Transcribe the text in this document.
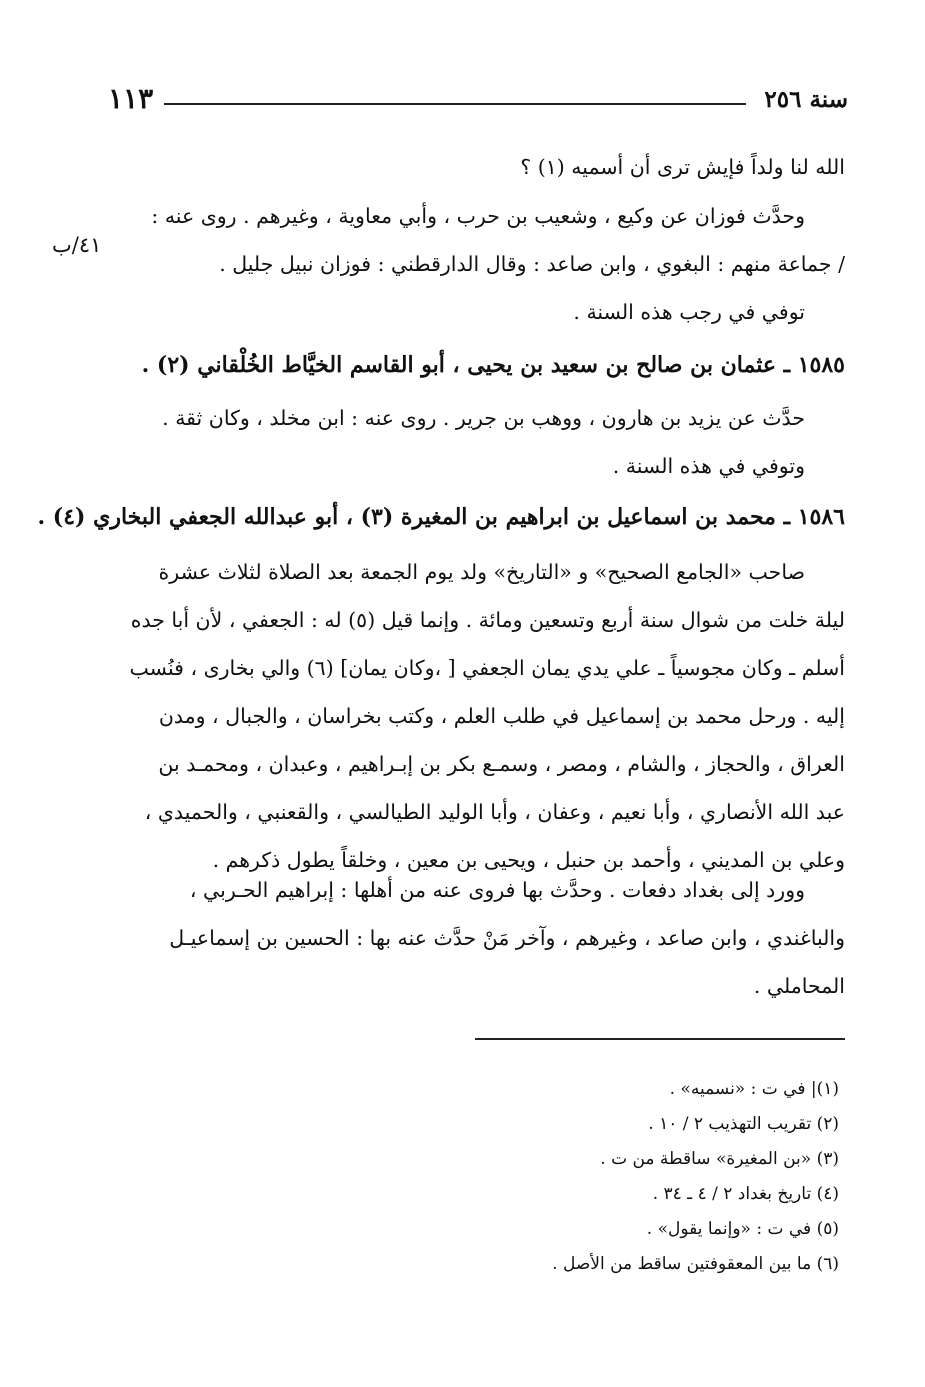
سنة ٢٥٦
١١٣
٤١/ب

الله لنا ولداً فإيش ترى أن أسميه (١) ؟

وحدَّث فوزان عن وكيع ، وشعيب بن حرب ، وأبي معاوية ، وغيرهم . روى عنه :

/ جماعة منهم : البغوي ، وابن صاعد : وقال الدارقطني : فوزان نبيل جليل .

توفي في رجب هذه السنة .

١٥٨٥ ـ عثمان بن صالح بن سعيد بن يحيى ، أبو القاسم الخيَّاط الخُلْقاني (٢) .

حدَّث عن يزيد بن هارون ، ووهب بن جرير . روى عنه : ابن مخلد ، وكان ثقة .

وتوفي في هذه السنة .

١٥٨٦ ـ محمد بن اسماعيل بن ابراهيم بن المغيرة (٣) ، أبو عبدالله الجعفي البخاري (٤) .

صاحب «الجامع الصحيح» و «التاريخ» ولد يوم الجمعة بعد الصلاة لثلاث عشرة

ليلة خلت من شوال سنة أربع وتسعين ومائة . وإنما قيل (٥) له : الجعفي ، لأن أبا جده

أسلم ـ وكان مجوسياً ـ علي يدي يمان الجعفي [ ،وكان يمان] (٦) والي بخارى ، فنُسب

إليه . ورحل محمد بن إسماعيل في طلب العلم ، وكتب بخراسان ، والجبال ، ومدن

العراق ، والحجاز ، والشام ، ومصر ، وسمـع بكر بن إبـراهيم ، وعبدان ، ومحمـد بن

عبد الله الأنصاري ، وأبا نعيم ، وعفان ، وأبا الوليد الطيالسي ، والقعنبي ، والحميدي ،

وعلي بن المديني ، وأحمد بن حنبل ، ويحيى بن معين ، وخلقاً يطول ذكرهم .

وورد إلى بغداد دفعات . وحدَّث بها فروى عنه من أهلها : إبراهيم الحـربي ،

والباغندي ، وابن صاعد ، وغيرهم ، وآخر مَنْ حدَّث عنه بها : الحسين بن إسماعيـل

المحاملي .

(١)| في ت : «نسميه» .

(٢) تقريب التهذيب ٢ / ١٠ .

(٣) «بن المغيرة» ساقطة من ت .

(٤) تاريخ بغداد ٢ / ٤ ـ ٣٤ .

(٥) في ت : «وإنما يقول» .

(٦) ما بين المعقوفتين ساقط من الأصل .
